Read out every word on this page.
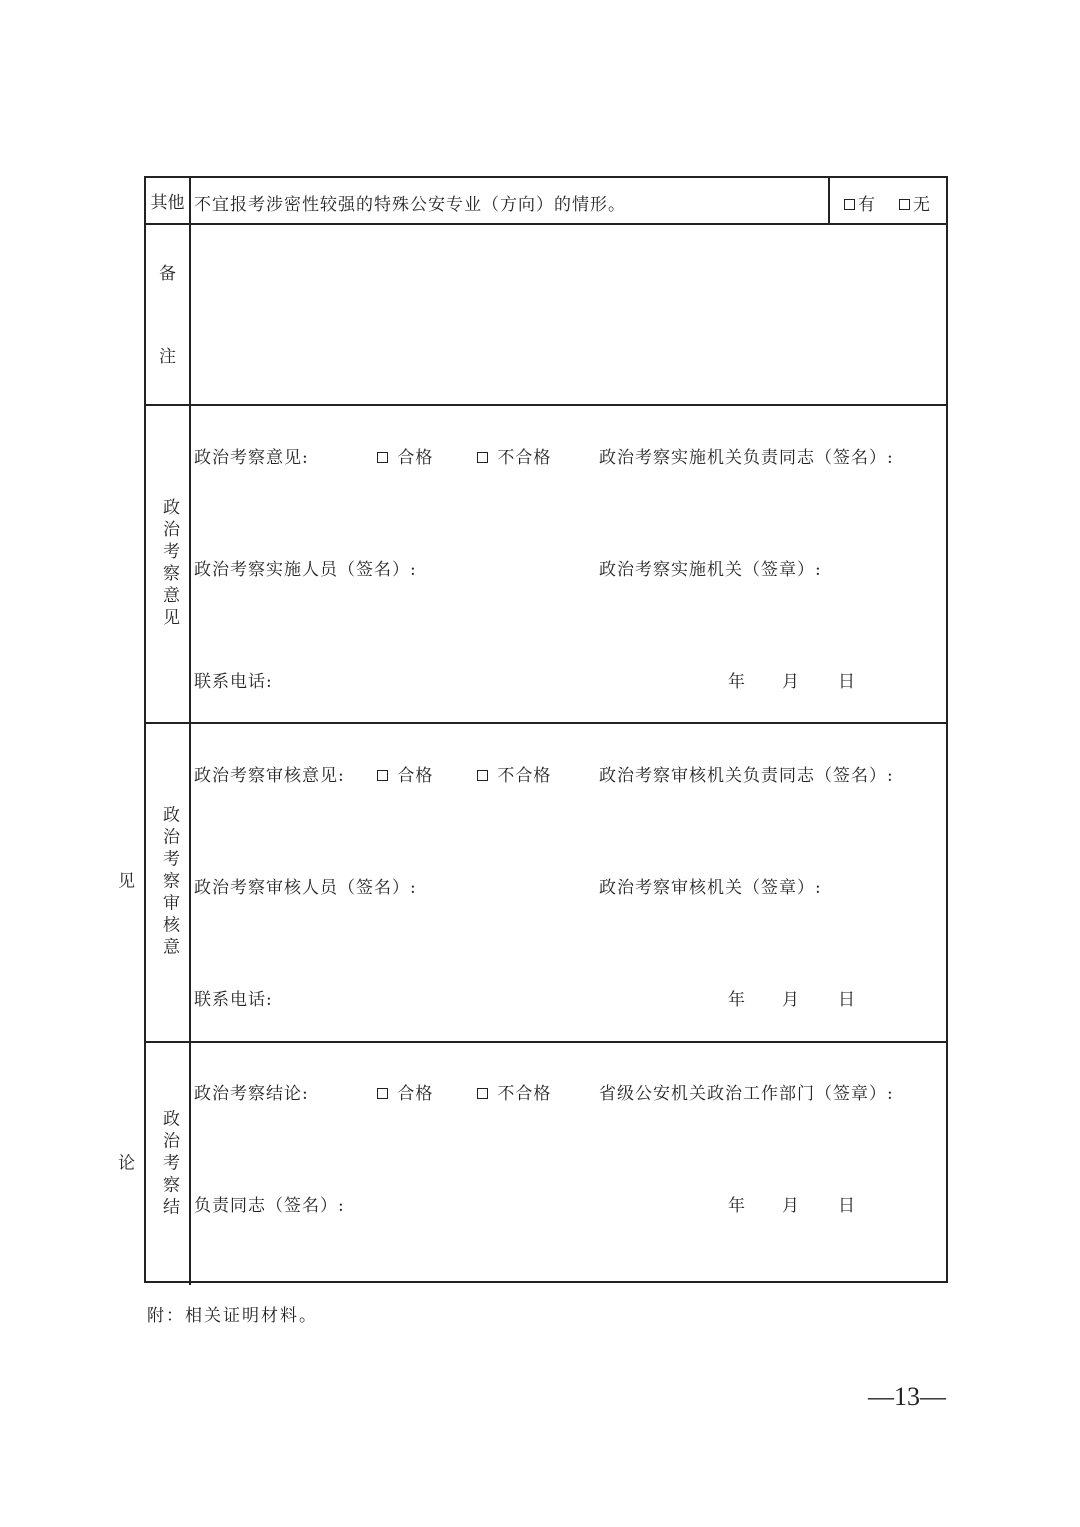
其他 不宜报考涉密性较强的特殊公安专业（方向）的情形。	有	无
备
注
政治考察意见
政治考察意见:	合格	不合格	政治考察实施机关负责同志（签名）:
政治考察实施人员（签名）:	政治考察实施机关（签章）:
联系电话:	年 月 日
政治考察审核意见
政治考察审核意见:	合格	不合格	政治考察审核机关负责同志（签名）:
政治考察审核人员（签名）:	政治考察审核机关（签章）:
联系电话:	年 月 日
政治考察结论
政治考察结论:	合格	不合格	省级公安机关政治工作部门（签章）:
负责同志（签名）:	年 月 日
附：相关证明材料。
—13—
